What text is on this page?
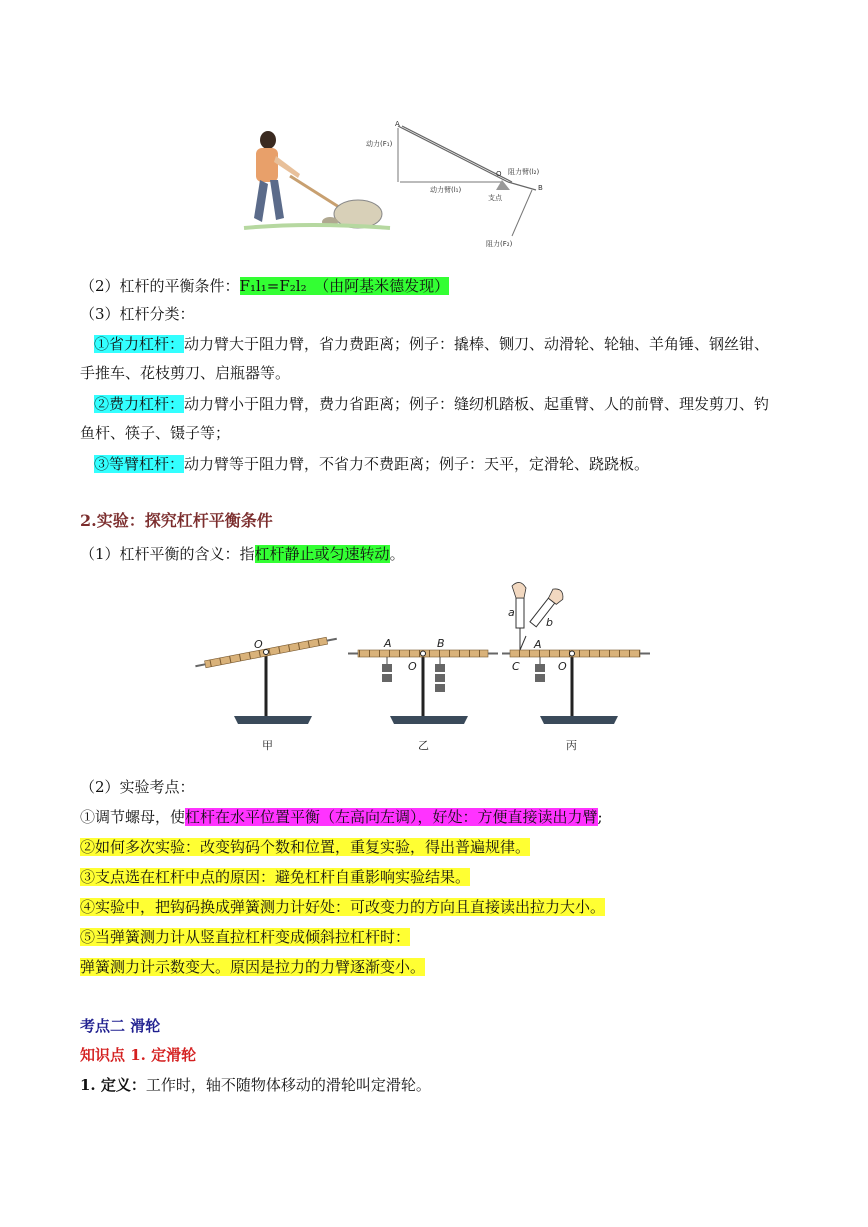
A
动力(F₁)
O 阻力臂(l₂)
动力臂(l₁)
支点
B
阻力(F₂)
（2）杠杆的平衡条件：F₁l₁=F₂l₂　（由阿基米德发现）
（3）杠杆分类：
①省力杠杆：动力臂大于阻力臂，省力费距离；例子：撬棒、铡刀、动滑轮、轮轴、羊角锤、钢丝钳、
手推车、花枝剪刀、启瓶器等。
②费力杠杆：动力臂小于阻力臂，费力省距离；例子：缝纫机踏板、起重臂、人的前臂、理发剪刀、钓
鱼杆、筷子、镊子等；
③等臂杠杆：动力臂等于阻力臂，不省力不费距离；例子：天平，定滑轮、跷跷板。
2.实验：探究杠杆平衡条件
（1）杠杆平衡的含义：指杠杆静止或匀速转动。
O
甲
A	B
O
乙
a
b
A
C	O
丙
（2）实验考点：
①调节螺母，使杠杆在水平位置平衡（左高向左调），好处：方便直接读出力臂;
②如何多次实验：改变钩码个数和位置，重复实验，得出普遍规律。
③支点选在杠杆中点的原因：避免杠杆自重影响实验结果。
④实验中，把钩码换成弹簧测力计好处：可改变力的方向且直接读出拉力大小。
⑤当弹簧测力计从竖直拉杠杆变成倾斜拉杠杆时：
弹簧测力计示数变大。原因是拉力的力臂逐渐变小。
考点二 滑轮
知识点 1. 定滑轮
1. 定义：工作时，轴不随物体移动的滑轮叫定滑轮。
